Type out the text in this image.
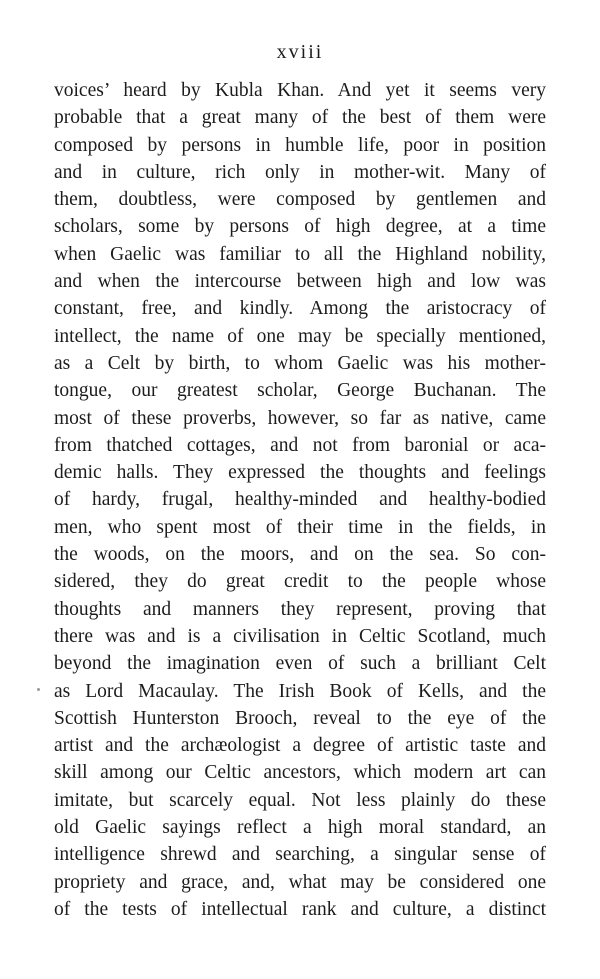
xviii
voices’ heard by Kubla Khan. And yet it seems very
probable that a great many of the best of them were
composed by persons in humble life, poor in position
and in culture, rich only in mother-wit. Many of
them, doubtless, were composed by gentlemen and
scholars, some by persons of high degree, at a time
when Gaelic was familiar to all the Highland nobility,
and when the intercourse between high and low was
constant, free, and kindly. Among the aristocracy of
intellect, the name of one may be specially mentioned,
as a Celt by birth, to whom Gaelic was his mother-
tongue, our greatest scholar, George Buchanan. The
most of these proverbs, however, so far as native, came
from thatched cottages, and not from baronial or aca-
demic halls. They expressed the thoughts and feelings
of hardy, frugal, healthy-minded and healthy-bodied
men, who spent most of their time in the fields, in
the woods, on the moors, and on the sea. So con-
sidered, they do great credit to the people whose
thoughts and manners they represent, proving that
there was and is a civilisation in Celtic Scotland, much
beyond the imagination even of such a brilliant Celt
as Lord Macaulay. The Irish Book of Kells, and the
Scottish Hunterston Brooch, reveal to the eye of the
artist and the archæologist a degree of artistic taste and
skill among our Celtic ancestors, which modern art can
imitate, but scarcely equal. Not less plainly do these
old Gaelic sayings reflect a high moral standard, an
intelligence shrewd and searching, a singular sense of
propriety and grace, and, what may be considered one
of the tests of intellectual rank and culture, a distinct
